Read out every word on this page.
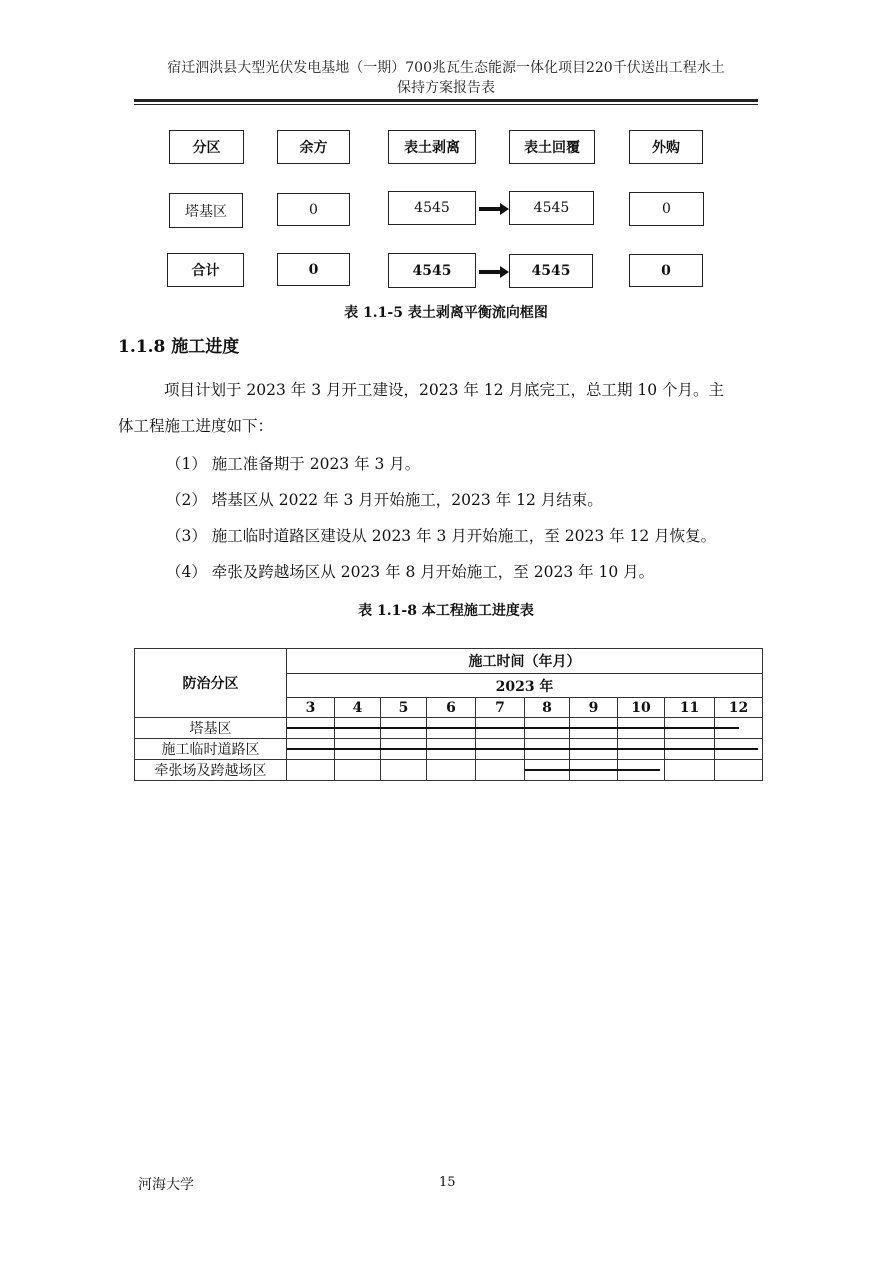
宿迁泗洪县大型光伏发电基地（一期）700兆瓦生态能源一体化项目220千伏送出工程水土
保持方案报告表
分区	余方	表土剥离	表土回覆	外购
塔基区	0	4545	4545	0
合计	0	4545	4545	0
表 1.1-5 表土剥离平衡流向框图
1.1.8 施工进度
项目计划于 2023 年 3 月开工建设，2023 年 12 月底完工，总工期 10 个月。主
体工程施工进度如下：
（1） 施工准备期于 2023 年 3 月。
（2） 塔基区从 2022 年 3 月开始施工，2023 年 12 月结束。
（3） 施工临时道路区建设从 2023 年 3 月开始施工，至 2023 年 12 月恢复。
（4） 牵张及跨越场区从 2023 年 8 月开始施工，至 2023 年 10 月。
表 1.1-8 本工程施工进度表
防治分区	施工时间（年月）									
	2023 年									
	3	4	5	6	7	8	9	10	11	12
塔基区										
施工临时道路区										
牵张场及跨越场区										
河海大学	15
